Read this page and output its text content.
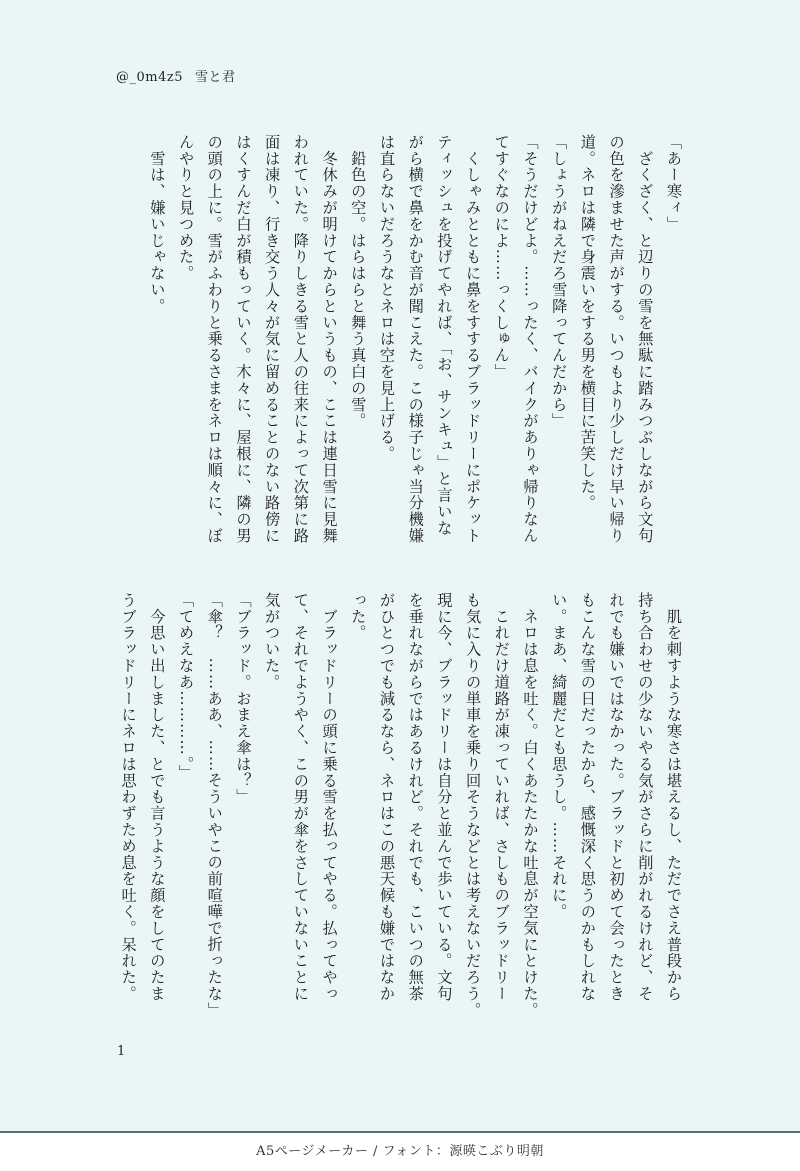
@_0m4z5 雪と君

「あー寒ィ」

　ざくざく、と辺りの雪を無駄に踏みつぶしながら文句

の色を滲ませた声がする。いつもより少しだけ早い帰り

道。ネロは隣で身震いをする男を横目に苦笑した。

「しょうがねえだろ雪降ってんだから」

「そうだけどよ。……ったく、バイクがありゃ帰りなん

てすぐなのによ……っくしゅん」

　くしゃみとともに鼻をすするブラッドリーにポケット

ティッシュを投げてやれば、「お、サンキュ」と言いな

がら横で鼻をかむ音が聞こえた。この様子じゃ当分機嫌

は直らないだろうなとネロは空を見上げる。

　鉛色の空。はらはらと舞う真白の雪。

　冬休みが明けてからというもの、ここは連日雪に見舞

われていた。降りしきる雪と人の往来によって次第に路

面は凍り、行き交う人々が気に留めることのない路傍に

はくすんだ白が積もっていく。木々に、屋根に、隣の男

の頭の上に。雪がふわりと乗るさまをネロは順々に、ぼ

んやりと見つめた。

　雪は、嫌いじゃない。

　肌を刺すような寒さは堪えるし、ただでさえ普段から

持ち合わせの少ないやる気がさらに削がれるけれど、そ

れでも嫌いではなかった。ブラッドと初めて会ったとき

もこんな雪の日だったから、感慨深く思うのかもしれな

い。まあ、綺麗だとも思うし。……それに。

　ネロは息を吐く。白くあたたかな吐息が空気にとけた。

　これだけ道路が凍っていれば、さしものブラッドリー

も気に入りの単車を乗り回そうなどとは考えないだろう。

現に今、ブラッドリーは自分と並んで歩いている。文句

を垂れながらではあるけれど。それでも、こいつの無茶

がひとつでも減るなら、ネロはこの悪天候も嫌ではなか

った。

　ブラッドリーの頭に乗る雪を払ってやる。払ってやっ

て、それでようやく、この男が傘をさしていないことに

気がついた。

「ブラッド。おまえ傘は？」

「傘？　……ああ、……そういやこの前喧嘩で折ったな」

「てめえなあ…………。」

　今思い出しました、とでも言うような顔をしてのたま

うブラッドリーにネロは思わずため息を吐く。呆れた。

1
A5ページメーカー / フォント：源暎こぶり明朝
